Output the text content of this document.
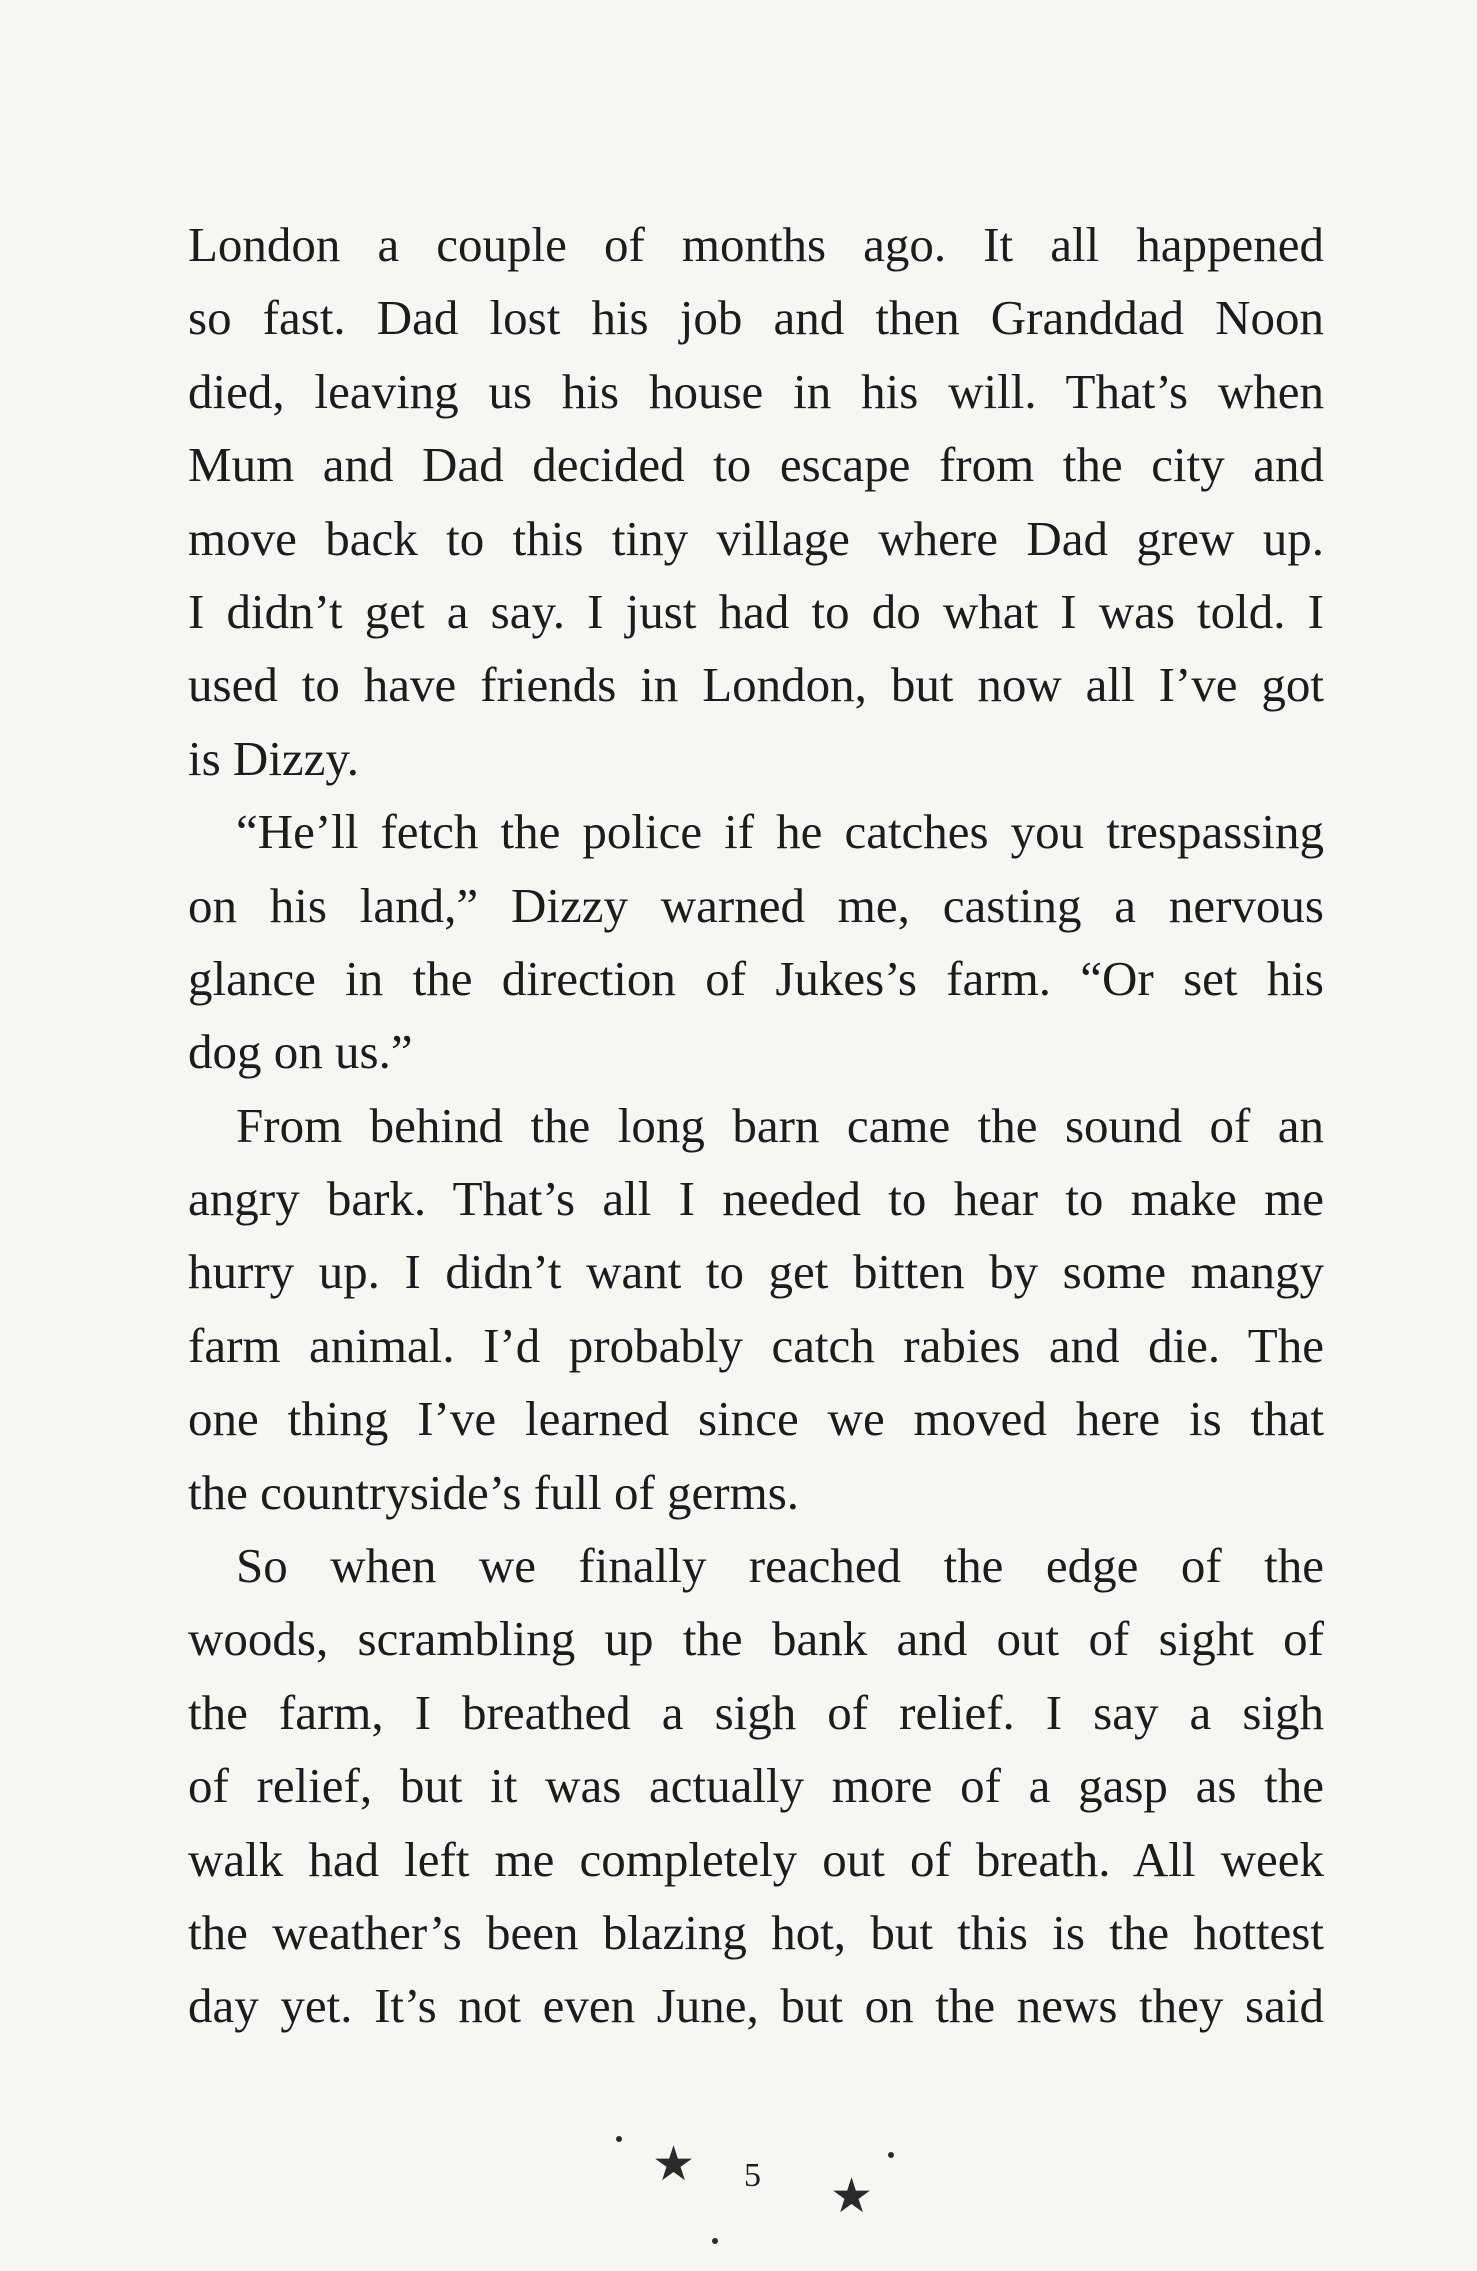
London a couple of months ago. It all happened
so fast. Dad lost his job and then Granddad Noon
died, leaving us his house in his will. That’s when
Mum and Dad decided to escape from the city and
move back to this tiny village where Dad grew up.
I didn’t get a say. I just had to do what I was told. I
used to have friends in London, but now all I’ve got
is Dizzy.
“He’ll fetch the police if he catches you trespassing
on his land,” Dizzy warned me, casting a nervous
glance in the direction of Jukes’s farm. “Or set his
dog on us.”
From behind the long barn came the sound of an
angry bark. That’s all I needed to hear to make me
hurry up. I didn’t want to get bitten by some mangy
farm animal. I’d probably catch rabies and die. The
one thing I’ve learned since we moved here is that
the countryside’s full of germs.
So when we finally reached the edge of the
woods, scrambling up the bank and out of sight of
the farm, I breathed a sigh of relief. I say a sigh
of relief, but it was actually more of a gasp as the
walk had left me completely out of breath. All week
the weather’s been blazing hot, but this is the hottest
day yet. It’s not even June, but on the news they said
★ 5 ★
